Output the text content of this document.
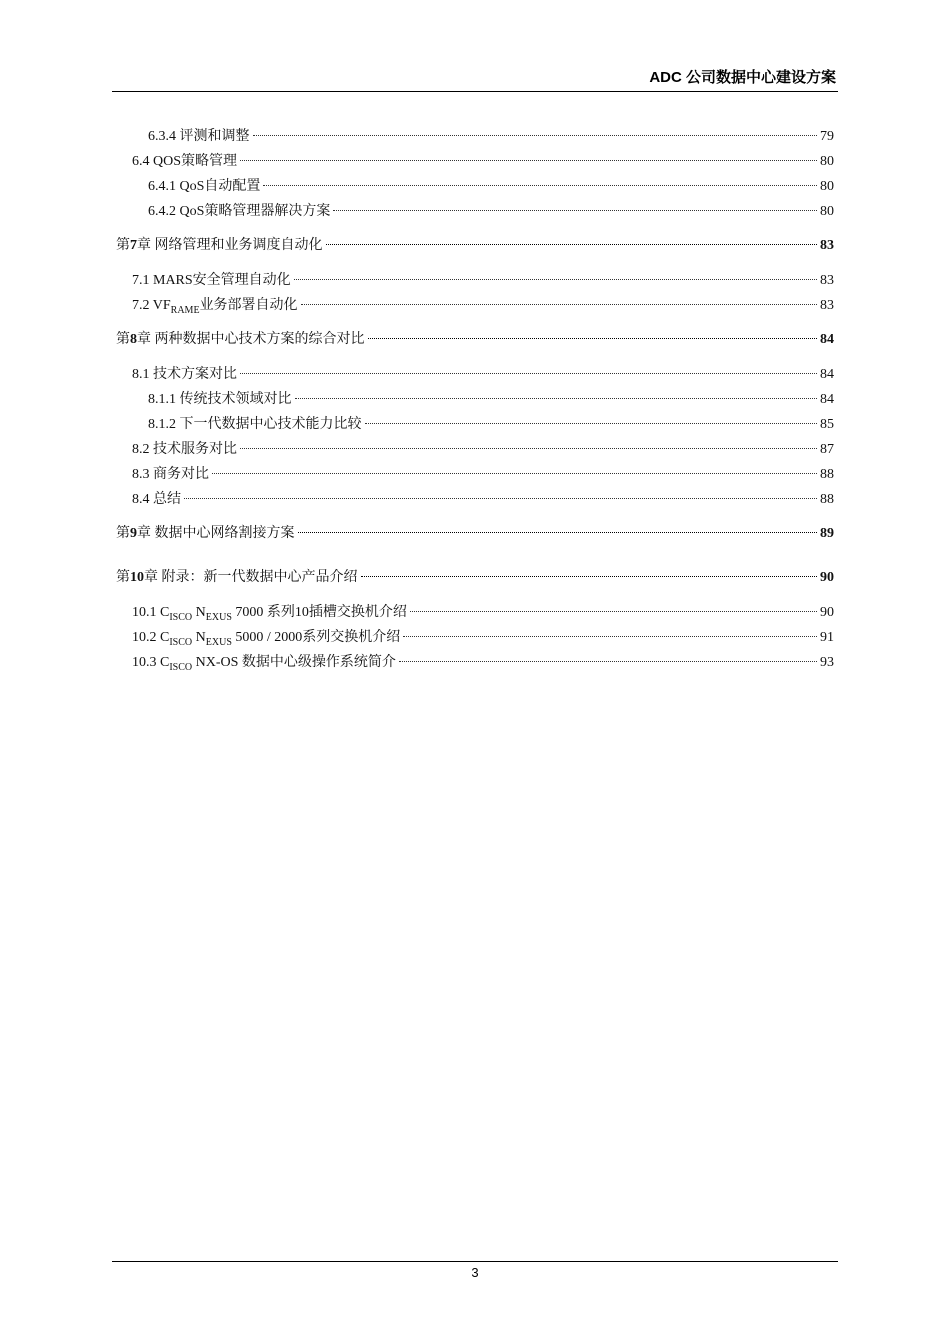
ADC 公司数据中心建设方案
6.3.4 评测和调整	79
6.4 QOS策略管理	80
6.4.1 QoS自动配置	80
6.4.2 QoS策略管理器解决方案	80
第7章 网络管理和业务调度自动化	83
7.1 MARS安全管理自动化	83
7.2 $VF_{RAME}$业务部署自动化	83
第8章 两种数据中心技术方案的综合对比	84
8.1 技术方案对比	84
8.1.1 传统技术领域对比	84
8.1.2 下一代数据中心技术能力比较	85
8.2 技术服务对比	87
8.3 商务对比	88
8.4 总结	88
第9章 数据中心网络割接方案	89
第10章 附录：新一代数据中心产品介绍	90
10.1 $C_{ISCO}$ $N_{EXUS}$ 7000 系列10插槽交换机介绍	90
10.2 $C_{ISCO}$ $N_{EXUS}$ 5000 / 2000系列交换机介绍	91
10.3 $C_{ISCO}$ NX-OS 数据中心级操作系统简介	93
3
